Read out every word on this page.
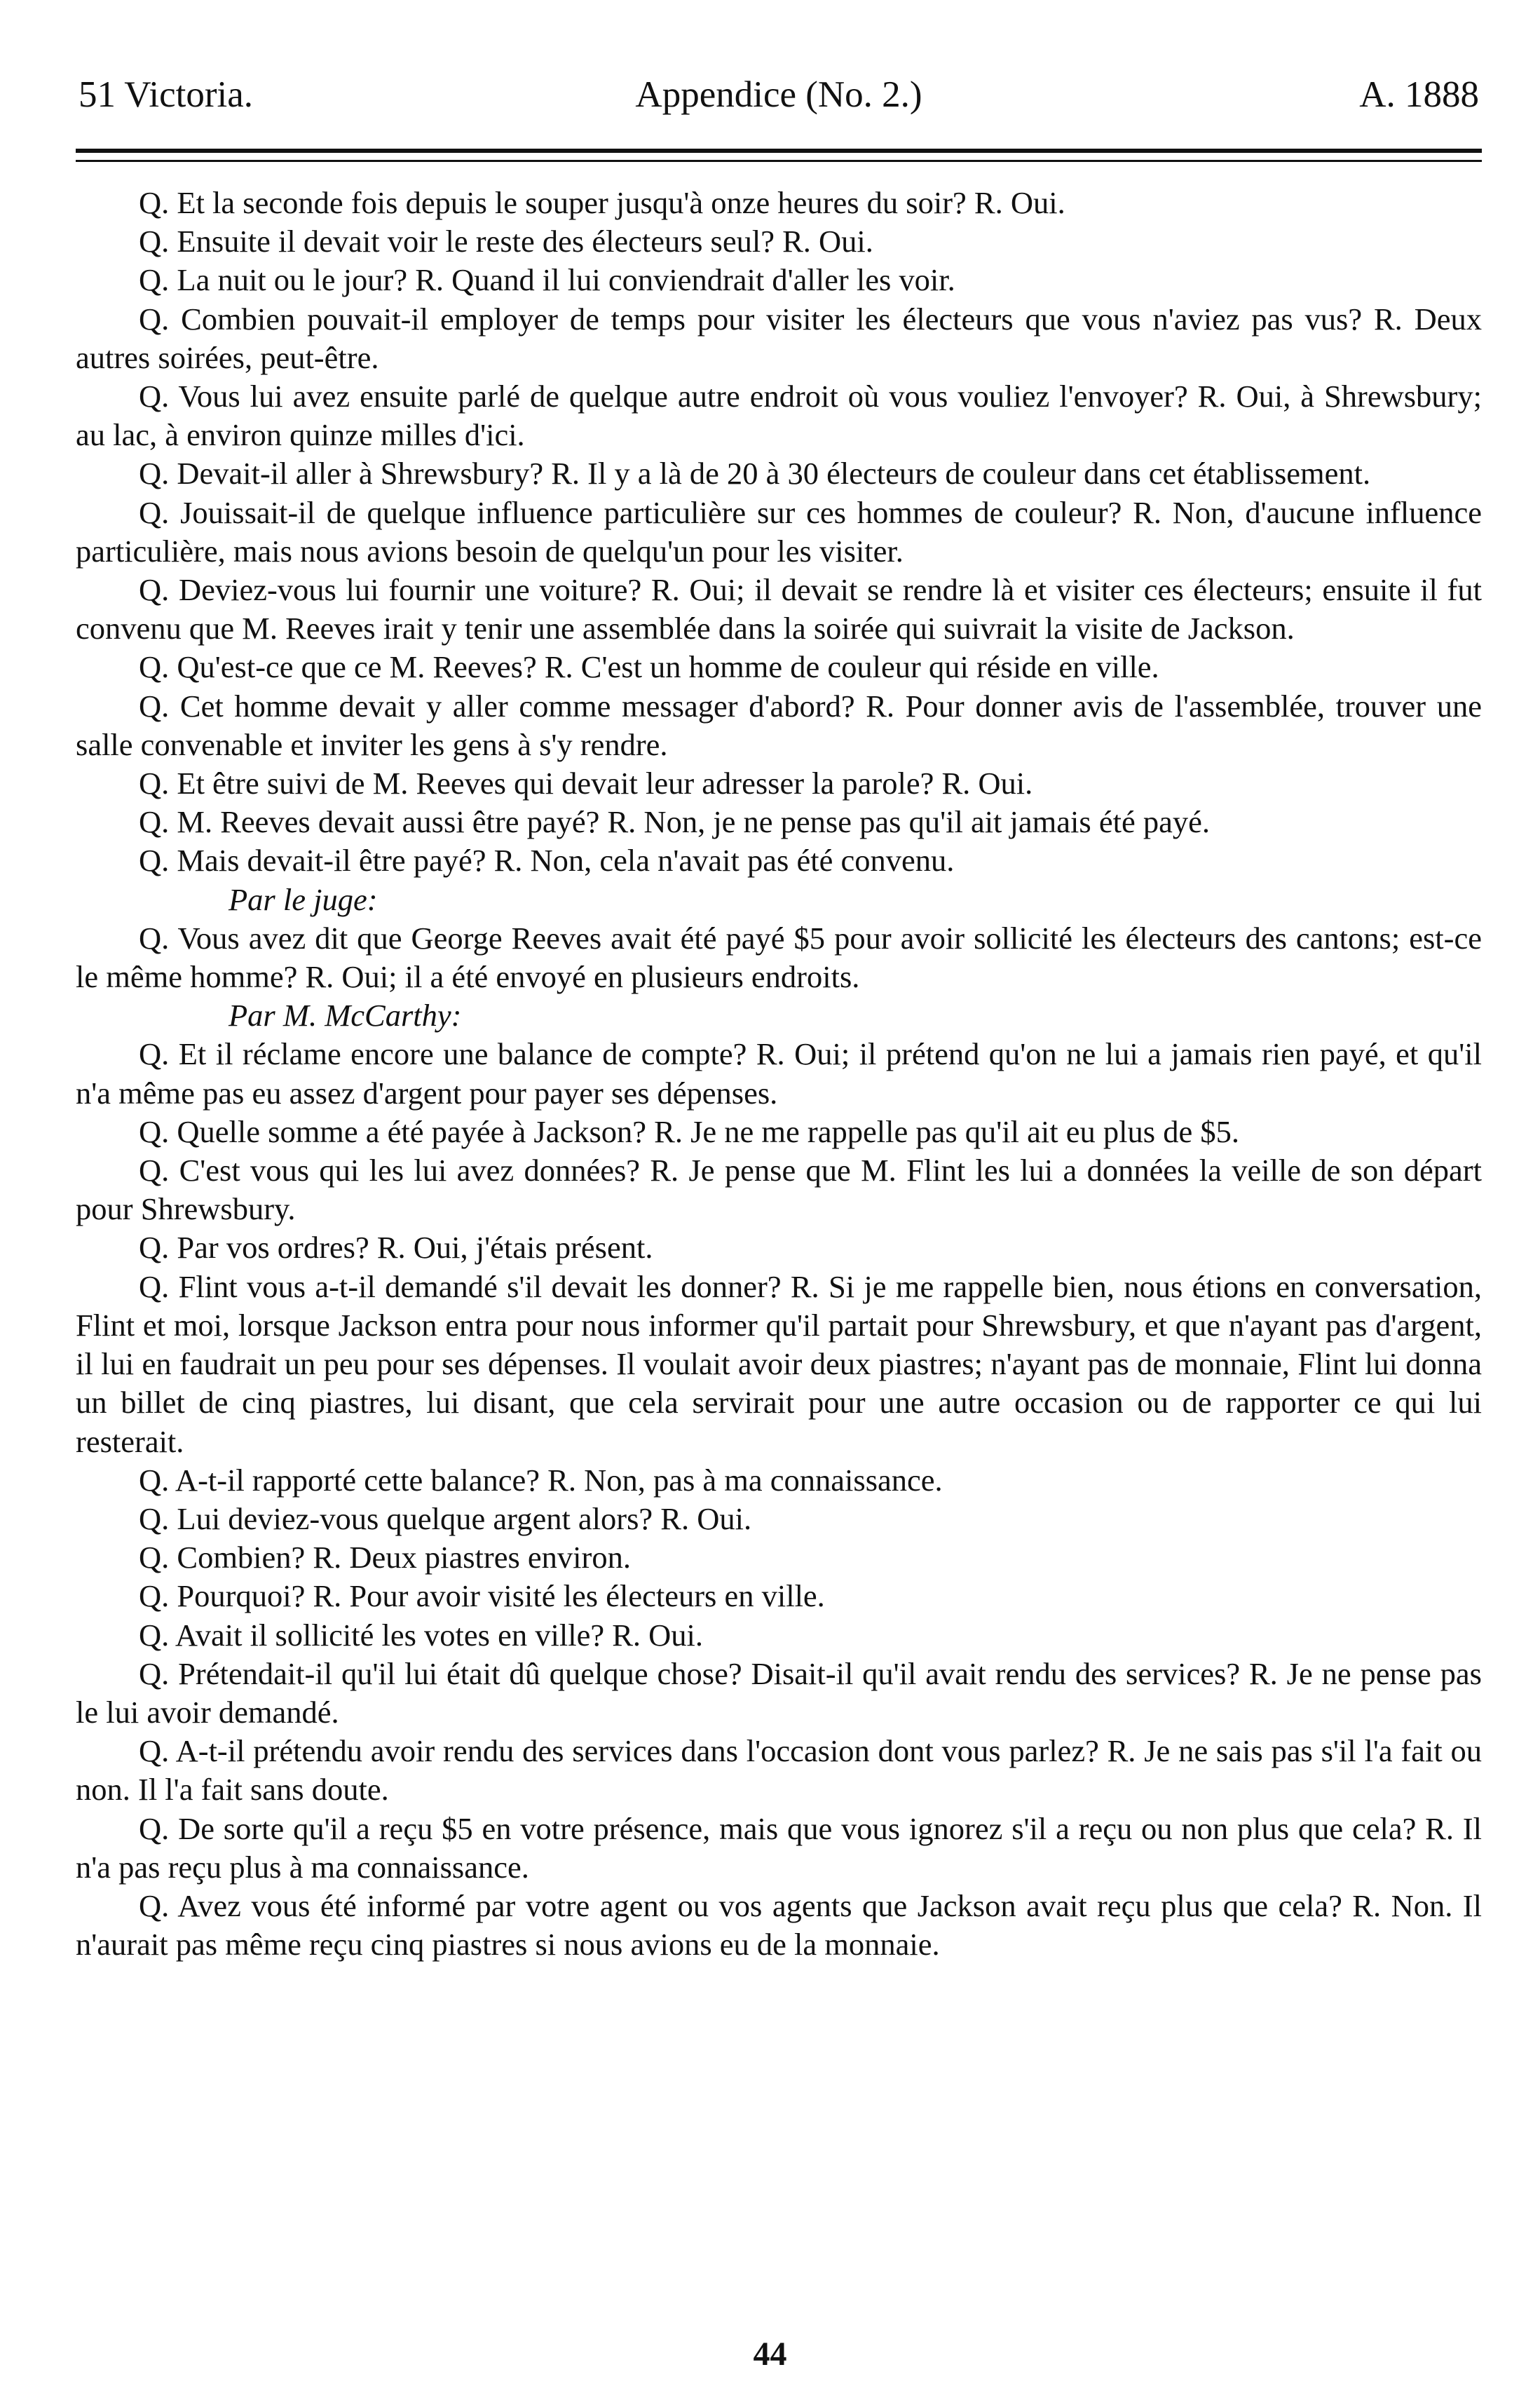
51 Victoria.	Appendice (No. 2.)	A. 1888

Q. Et la seconde fois depuis le souper jusqu'à onze heures du soir? R. Oui.

Q. Ensuite il devait voir le reste des électeurs seul? R. Oui.

Q. La nuit ou le jour? R. Quand il lui conviendrait d'aller les voir.

Q. Combien pouvait-il employer de temps pour visiter les électeurs que vous n'aviez pas vus? R. Deux autres soirées, peut-être.

Q. Vous lui avez ensuite parlé de quelque autre endroit où vous vouliez l'envoyer? R. Oui, à Shrewsbury; au lac, à environ quinze milles d'ici.

Q. Devait-il aller à Shrewsbury? R. Il y a là de 20 à 30 électeurs de couleur dans cet établissement.

Q. Jouissait-il de quelque influence particulière sur ces hommes de couleur? R. Non, d'aucune influence particulière, mais nous avions besoin de quelqu'un pour les visiter.

Q. Deviez-vous lui fournir une voiture? R. Oui; il devait se rendre là et visiter ces électeurs; ensuite il fut convenu que M. Reeves irait y tenir une assemblée dans la soirée qui suivrait la visite de Jackson.

Q. Qu'est-ce que ce M. Reeves? R. C'est un homme de couleur qui réside en ville.

Q. Cet homme devait y aller comme messager d'abord? R. Pour donner avis de l'assemblée, trouver une salle convenable et inviter les gens à s'y rendre.

Q. Et être suivi de M. Reeves qui devait leur adresser la parole? R. Oui.

Q. M. Reeves devait aussi être payé? R. Non, je ne pense pas qu'il ait jamais été payé.

Q. Mais devait-il être payé? R. Non, cela n'avait pas été convenu.

Par le juge:

Q. Vous avez dit que George Reeves avait été payé $5 pour avoir sollicité les électeurs des cantons; est-ce le même homme? R. Oui; il a été envoyé en plusieurs endroits.

Par M. McCarthy:

Q. Et il réclame encore une balance de compte? R. Oui; il prétend qu'on ne lui a jamais rien payé, et qu'il n'a même pas eu assez d'argent pour payer ses dépenses.

Q. Quelle somme a été payée à Jackson? R. Je ne me rappelle pas qu'il ait eu plus de $5.

Q. C'est vous qui les lui avez données? R. Je pense que M. Flint les lui a données la veille de son départ pour Shrewsbury.

Q. Par vos ordres? R. Oui, j'étais présent.

Q. Flint vous a-t-il demandé s'il devait les donner? R. Si je me rappelle bien, nous étions en conversation, Flint et moi, lorsque Jackson entra pour nous informer qu'il partait pour Shrewsbury, et que n'ayant pas d'argent, il lui en faudrait un peu pour ses dépenses. Il voulait avoir deux piastres; n'ayant pas de monnaie, Flint lui donna un billet de cinq piastres, lui disant, que cela servirait pour une autre occasion ou de rapporter ce qui lui resterait.

Q. A-t-il rapporté cette balance? R. Non, pas à ma connaissance.

Q. Lui deviez-vous quelque argent alors? R. Oui.

Q. Combien? R. Deux piastres environ.

Q. Pourquoi? R. Pour avoir visité les électeurs en ville.

Q. Avait il sollicité les votes en ville? R. Oui.

Q. Prétendait-il qu'il lui était dû quelque chose? Disait-il qu'il avait rendu des services? R. Je ne pense pas le lui avoir demandé.

Q. A-t-il prétendu avoir rendu des services dans l'occasion dont vous parlez? R. Je ne sais pas s'il l'a fait ou non. Il l'a fait sans doute.

Q. De sorte qu'il a reçu $5 en votre présence, mais que vous ignorez s'il a reçu ou non plus que cela? R. Il n'a pas reçu plus à ma connaissance.

Q. Avez vous été informé par votre agent ou vos agents que Jackson avait reçu plus que cela? R. Non. Il n'aurait pas même reçu cinq piastres si nous avions eu de la monnaie.

44
